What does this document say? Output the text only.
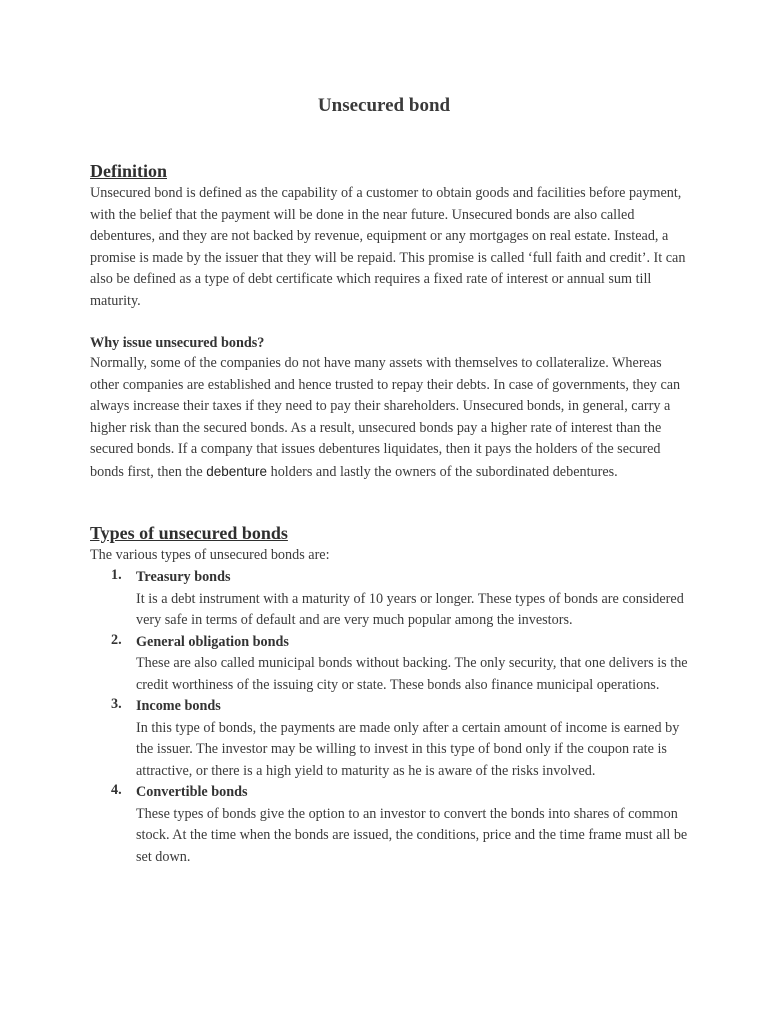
Unsecured bond
Definition

Unsecured bond is defined as the capability of a customer to obtain goods and facilities before payment, with the belief that the payment will be done in the near future. Unsecured bonds are also called debentures, and they are not backed by revenue, equipment or any mortgages on real estate. Instead, a promise is made by the issuer that they will be repaid. This promise is called ‘full faith and credit’. It can also be defined as a type of debt certificate which requires a fixed rate of interest or annual sum till maturity.

Why issue unsecured bonds?

Normally, some of the companies do not have many assets with themselves to collateralize. Whereas other companies are established and hence trusted to repay their debts. In case of governments, they can always increase their taxes if they need to pay their shareholders. Unsecured bonds, in general, carry a higher risk than the secured bonds. As a result, unsecured bonds pay a higher rate of interest than the secured bonds. If a company that issues debentures liquidates, then it pays the holders of the secured bonds first, then the debenture holders and lastly the owners of the subordinated debentures.

Types of unsecured bonds

The various types of unsecured bonds are:

1. Treasury bonds

It is a debt instrument with a maturity of 10 years or longer. These types of bonds are considered very safe in terms of default and are very much popular among the investors.

2. General obligation bonds

These are also called municipal bonds without backing. The only security, that one delivers is the credit worthiness of the issuing city or state. These bonds also finance municipal operations.

3. Income bonds

In this type of bonds, the payments are made only after a certain amount of income is earned by the issuer. The investor may be willing to invest in this type of bond only if the coupon rate is attractive, or there is a high yield to maturity as he is aware of the risks involved.

4. Convertible bonds

These types of bonds give the option to an investor to convert the bonds into shares of common stock. At the time when the bonds are issued, the conditions, price and the time frame must all be set down.
